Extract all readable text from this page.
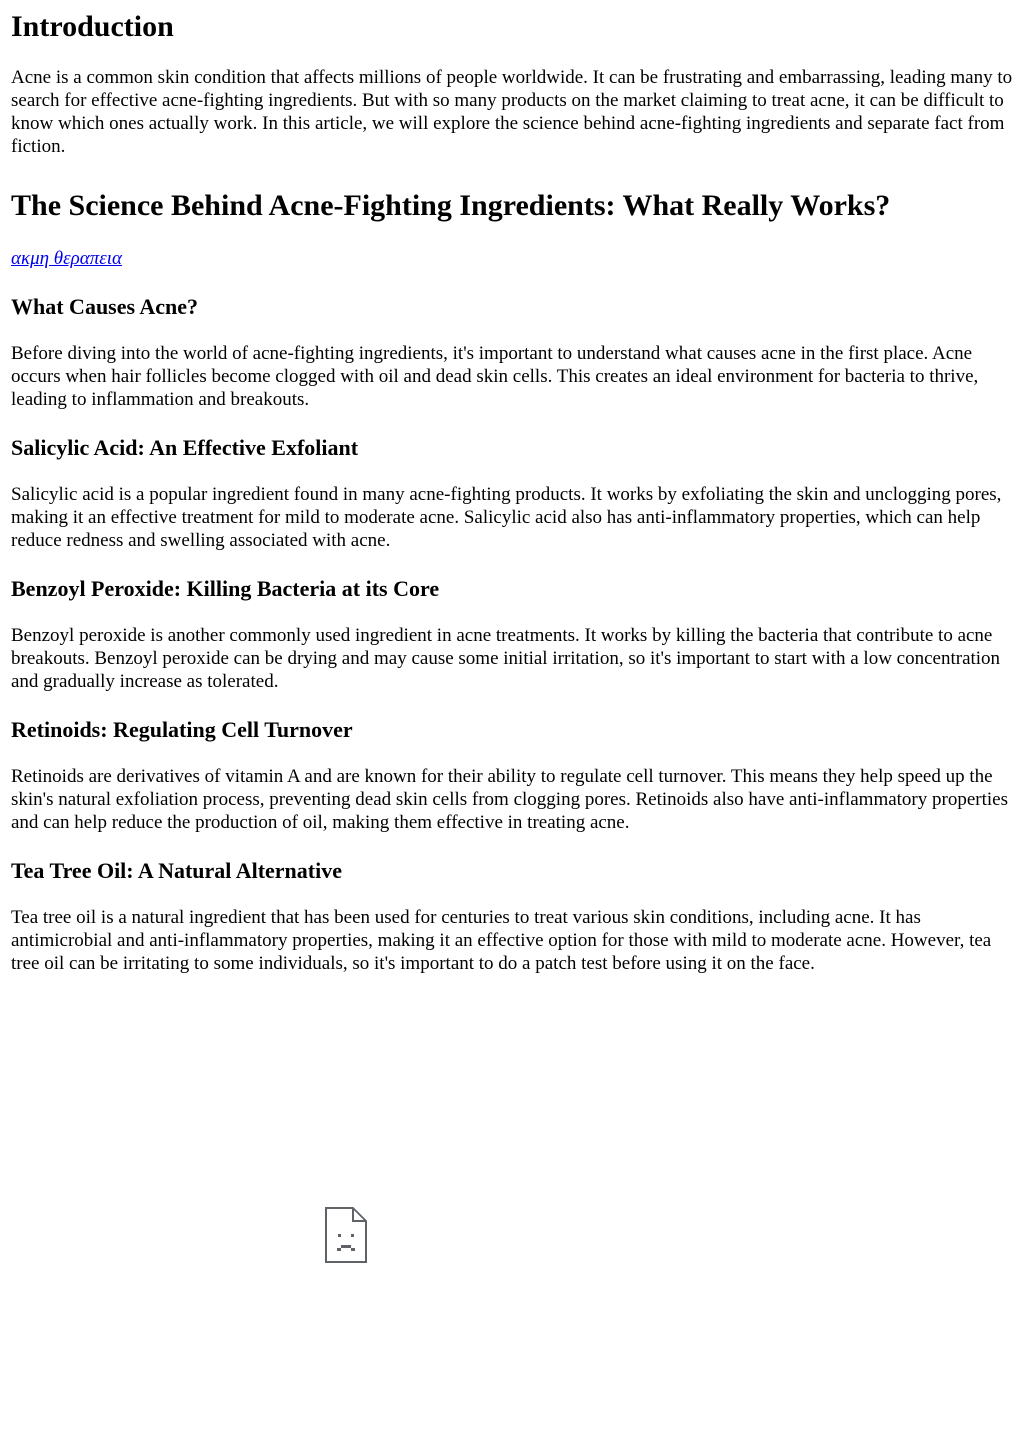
Introduction

Acne is a common skin condition that affects millions of people worldwide. It can be frustrating and embarrassing, leading many to search for effective acne-fighting ingredients. But with so many products on the market claiming to treat acne, it can be difficult to know which ones actually work. In this article, we will explore the science behind acne-fighting ingredients and separate fact from fiction.

The Science Behind Acne-Fighting Ingredients: What Really Works?

ακμη θεραπεια

What Causes Acne?

Before diving into the world of acne-fighting ingredients, it's important to understand what causes acne in the first place. Acne occurs when hair follicles become clogged with oil and dead skin cells. This creates an ideal environment for bacteria to thrive, leading to inflammation and breakouts.

Salicylic Acid: An Effective Exfoliant

Salicylic acid is a popular ingredient found in many acne-fighting products. It works by exfoliating the skin and unclogging pores, making it an effective treatment for mild to moderate acne. Salicylic acid also has anti-inflammatory properties, which can help reduce redness and swelling associated with acne.

Benzoyl Peroxide: Killing Bacteria at its Core

Benzoyl peroxide is another commonly used ingredient in acne treatments. It works by killing the bacteria that contribute to acne breakouts. Benzoyl peroxide can be drying and may cause some initial irritation, so it's important to start with a low concentration and gradually increase as tolerated.

Retinoids: Regulating Cell Turnover

Retinoids are derivatives of vitamin A and are known for their ability to regulate cell turnover. This means they help speed up the skin's natural exfoliation process, preventing dead skin cells from clogging pores. Retinoids also have anti-inflammatory properties and can help reduce the production of oil, making them effective in treating acne.

Tea Tree Oil: A Natural Alternative

Tea tree oil is a natural ingredient that has been used for centuries to treat various skin conditions, including acne. It has antimicrobial and anti-inflammatory properties, making it an effective option for those with mild to moderate acne. However, tea tree oil can be irritating to some individuals, so it's important to do a patch test before using it on the face.
